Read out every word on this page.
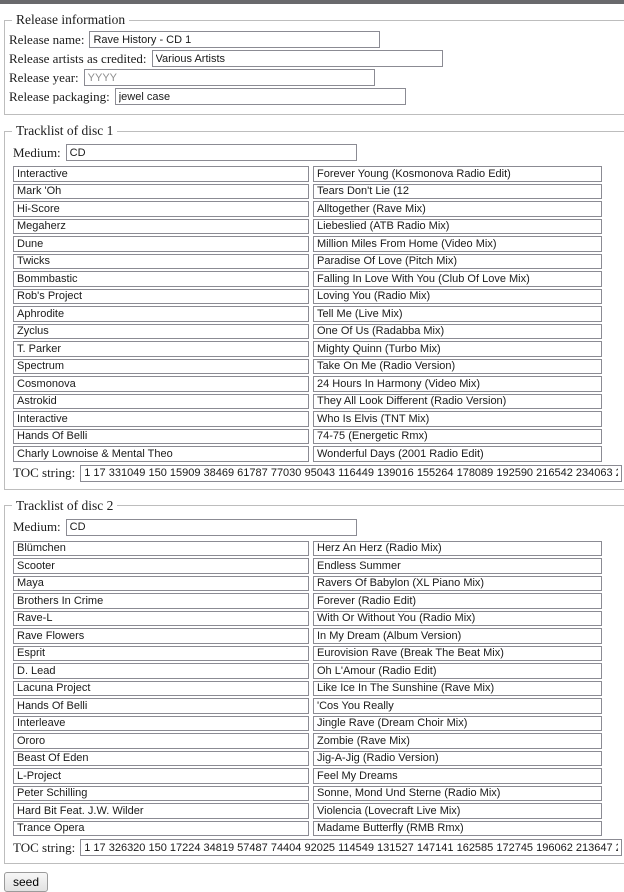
Release information
Release name:
Rave History - CD 1
Release artists as credited:
Various Artists
Release year:
YYYY
Release packaging:
jewel case
Tracklist of disc 1
Medium:
CD
Interactive
Forever Young (Kosmonova Radio Edit)
Mark 'Oh
Tears Don't Lie (12
Hi-Score
Alltogether (Rave Mix)
Megaherz
Liebeslied (ATB Radio Mix)
Dune
Million Miles From Home (Video Mix)
Twicks
Paradise Of Love (Pitch Mix)
Bommbastic
Falling In Love With You (Club Of Love Mix)
Rob's Project
Loving You (Radio Mix)
Aphrodite
Tell Me (Live Mix)
Zyclus
One Of Us (Radabba Mix)
T. Parker
Mighty Quinn (Turbo Mix)
Spectrum
Take On Me (Radio Version)
Cosmonova
24 Hours In Harmony (Video Mix)
Astrokid
They All Look Different (Radio Version)
Interactive
Who Is Elvis (TNT Mix)
Hands Of Belli
74-75 (Energetic Rmx)
Charly Lownoise & Mental Theo
Wonderful Days (2001 Radio Edit)
TOC string:
1 17 331049 150 15909 38469 61787 77030 95043 116449 139016 155264 178089 192590 216542 234063 251849 268680 291528
Tracklist of disc 2
Medium:
CD
Blümchen
Herz An Herz (Radio Mix)
Scooter
Endless Summer
Maya
Ravers Of Babylon (XL Piano Mix)
Brothers In Crime
Forever (Radio Edit)
Rave-L
With Or Without You (Radio Mix)
Rave Flowers
In My Dream (Album Version)
Esprit
Eurovision Rave (Break The Beat Mix)
D. Lead
Oh L'Amour (Radio Edit)
Lacuna Project
Like Ice In The Sunshine (Rave Mix)
Hands Of Belli
'Cos You Really
Interleave
Jingle Rave (Dream Choir Mix)
Ororo
Zombie (Rave Mix)
Beast Of Eden
Jig-A-Jig (Radio Version)
L-Project
Feel My Dreams
Peter Schilling
Sonne, Mond Und Sterne (Radio Mix)
Hard Bit Feat. J.W. Wilder
Violencia (Lovecraft Live Mix)
Trance Opera
Madame Butterfly (RMB Rmx)
TOC string:
1 17 326320 150 17224 34819 57487 74404 92025 114549 131527 147141 162585 172745 196062 213647 231417 247917 268217
seed
